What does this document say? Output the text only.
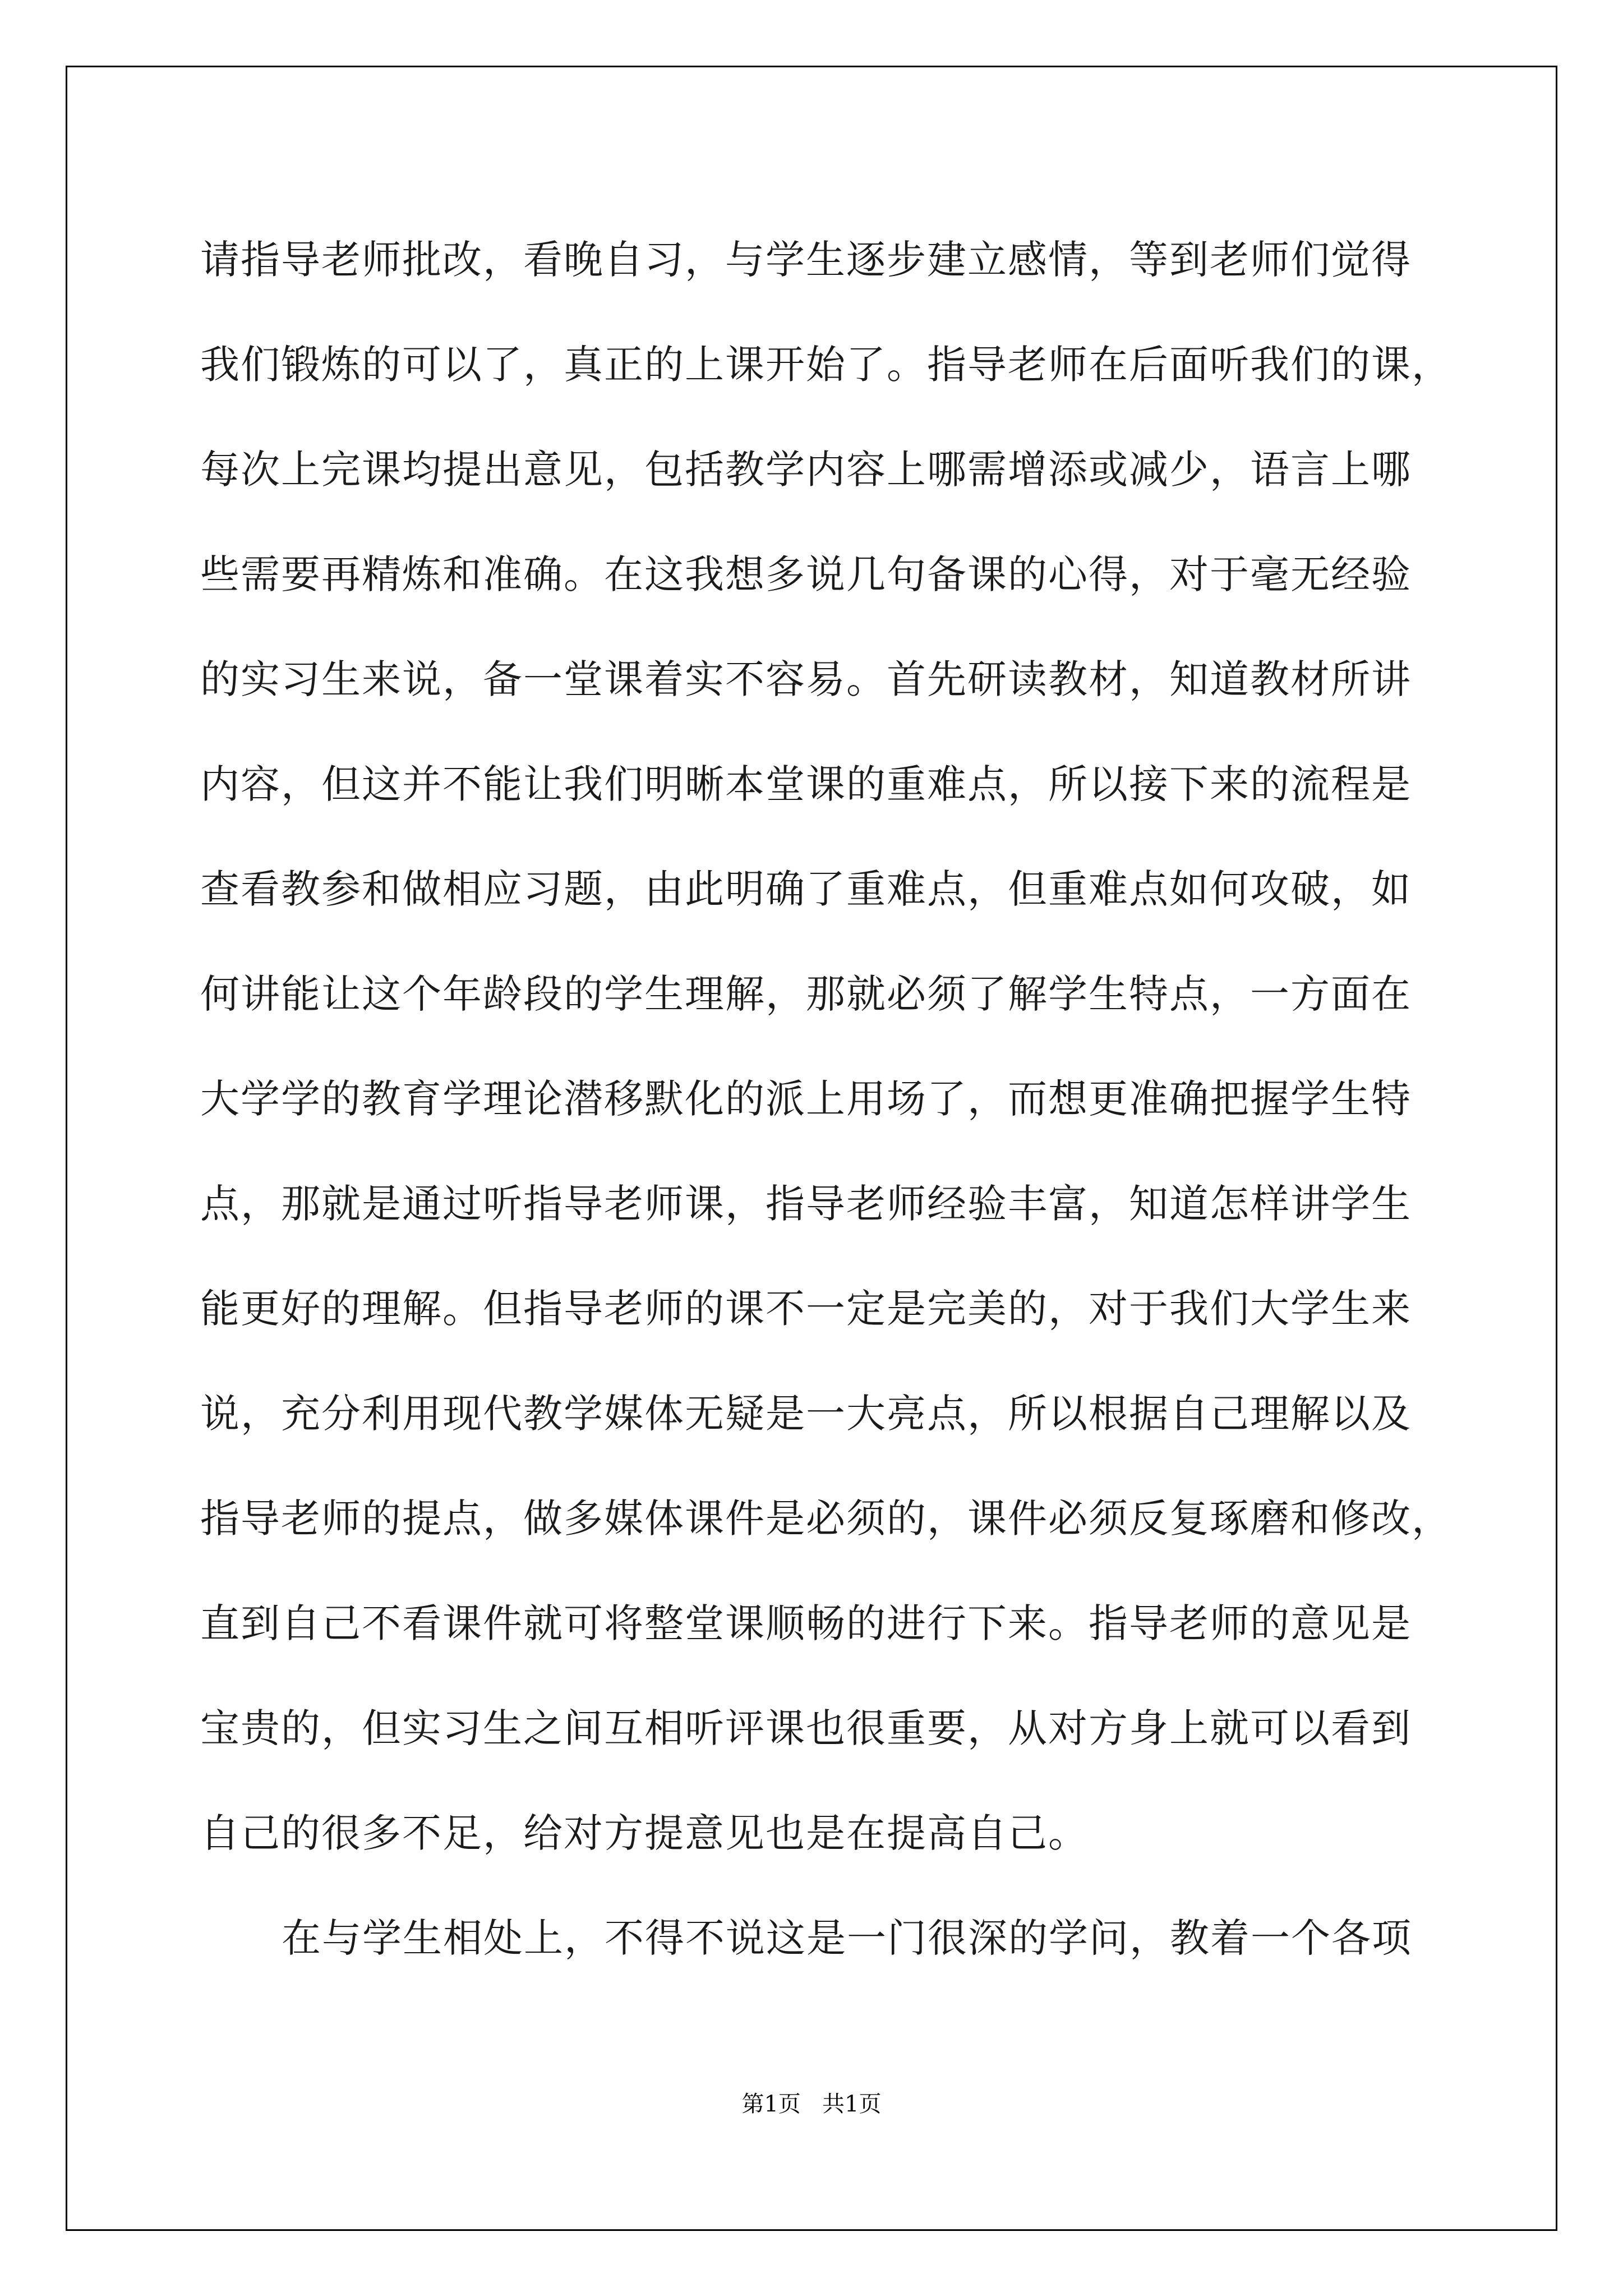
请指导老师批改，看晚自习，与学生逐步建立感情，等到老师们觉得
我们锻炼的可以了，真正的上课开始了。指导老师在后面听我们的课，
每次上完课均提出意见，包括教学内容上哪需增添或减少，语言上哪
些需要再精炼和准确。在这我想多说几句备课的心得，对于毫无经验
的实习生来说，备一堂课着实不容易。首先研读教材，知道教材所讲
内容，但这并不能让我们明晰本堂课的重难点，所以接下来的流程是
查看教参和做相应习题，由此明确了重难点，但重难点如何攻破，如
何讲能让这个年龄段的学生理解，那就必须了解学生特点，一方面在
大学学的教育学理论潜移默化的派上用场了，而想更准确把握学生特
点，那就是通过听指导老师课，指导老师经验丰富，知道怎样讲学生
能更好的理解。但指导老师的课不一定是完美的，对于我们大学生来
说，充分利用现代教学媒体无疑是一大亮点，所以根据自己理解以及
指导老师的提点，做多媒体课件是必须的，课件必须反复琢磨和修改，
直到自己不看课件就可将整堂课顺畅的进行下来。指导老师的意见是
宝贵的，但实习生之间互相听评课也很重要，从对方身上就可以看到
自己的很多不足，给对方提意见也是在提高自己。
在与学生相处上，不得不说这是一门很深的学问，教着一个各项
第1页   共1页
